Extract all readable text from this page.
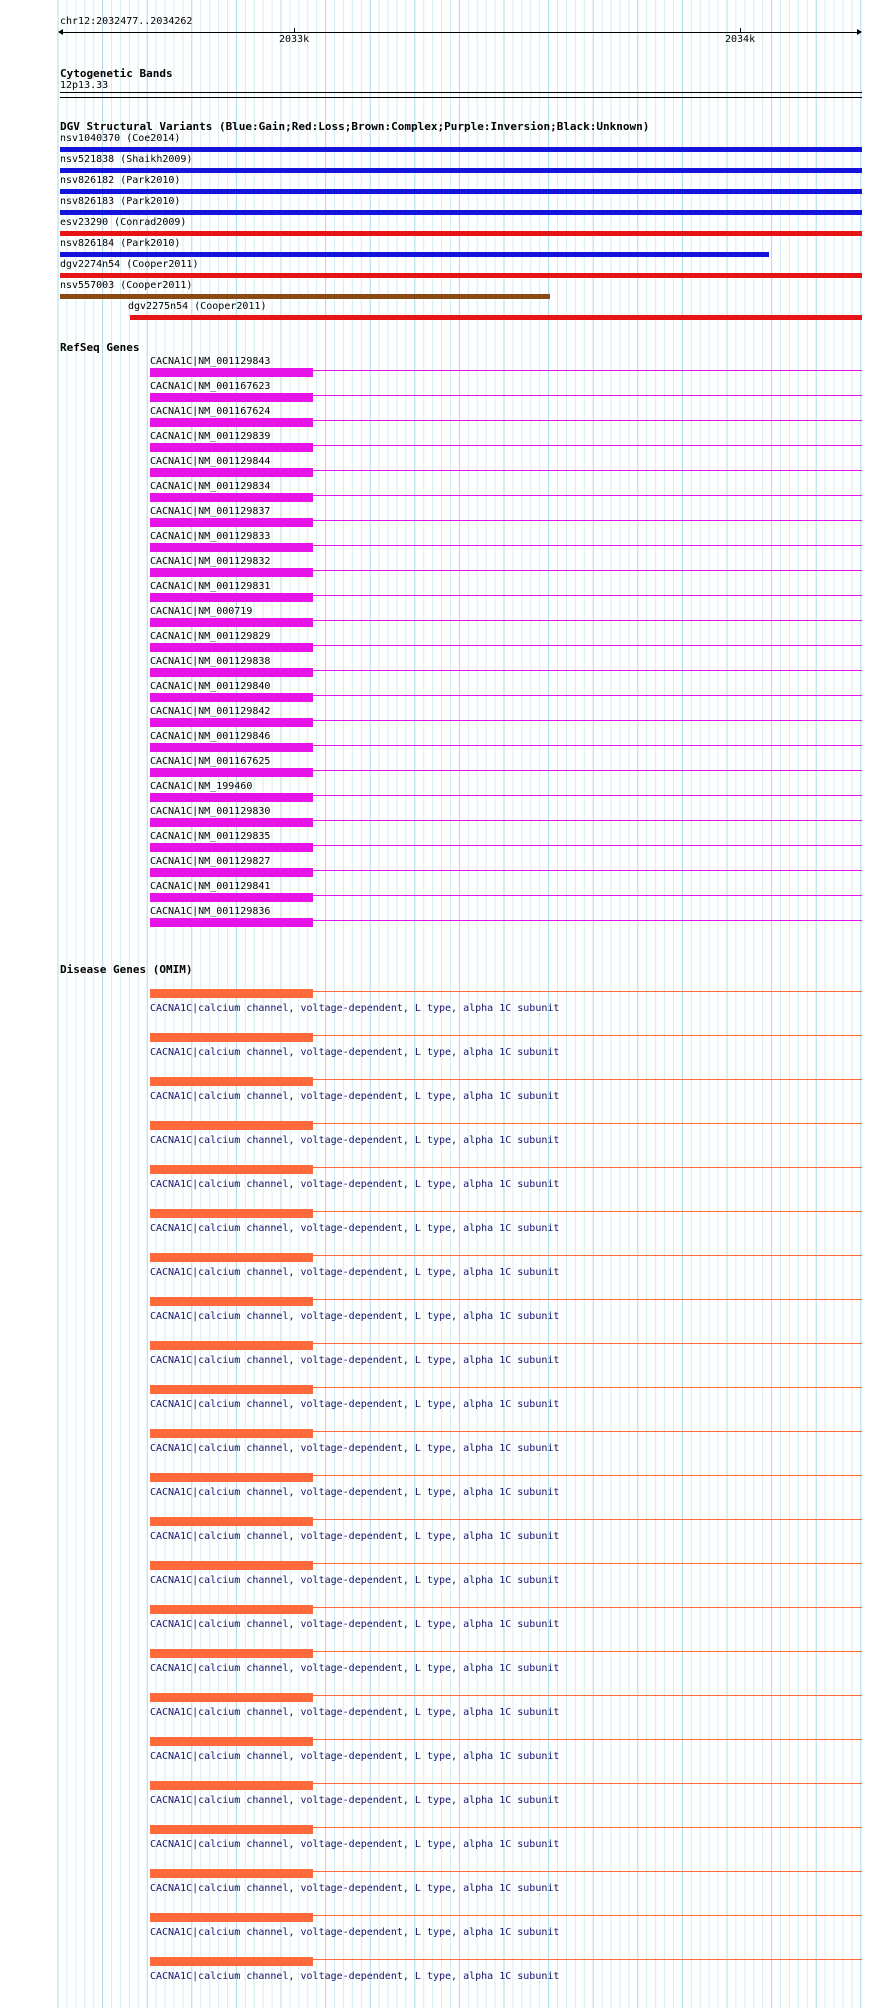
chr12:2032477..2034262
2033k	2034k
Cytogenetic Bands
12p13.33
DGV Structural Variants (Blue:Gain;Red:Loss;Brown:Complex;Purple:Inversion;Black:Unknown)
nsv1040370 (Coe2014)
nsv521838 (Shaikh2009)
nsv826182 (Park2010)
nsv826183 (Park2010)
esv23290 (Conrad2009)
nsv826184 (Park2010)
dgv2274n54 (Cooper2011)
nsv557003 (Cooper2011)
dgv2275n54 (Cooper2011)
RefSeq Genes
CACNA1C|NM_001129843
CACNA1C|NM_001167623
CACNA1C|NM_001167624
CACNA1C|NM_001129839
CACNA1C|NM_001129844
CACNA1C|NM_001129834
CACNA1C|NM_001129837
CACNA1C|NM_001129833
CACNA1C|NM_001129832
CACNA1C|NM_001129831
CACNA1C|NM_000719
CACNA1C|NM_001129829
CACNA1C|NM_001129838
CACNA1C|NM_001129840
CACNA1C|NM_001129842
CACNA1C|NM_001129846
CACNA1C|NM_001167625
CACNA1C|NM_199460
CACNA1C|NM_001129830
CACNA1C|NM_001129835
CACNA1C|NM_001129827
CACNA1C|NM_001129841
CACNA1C|NM_001129836
Disease Genes (OMIM)
CACNA1C|calcium channel, voltage-dependent, L type, alpha 1C subunit
CACNA1C|calcium channel, voltage-dependent, L type, alpha 1C subunit
CACNA1C|calcium channel, voltage-dependent, L type, alpha 1C subunit
CACNA1C|calcium channel, voltage-dependent, L type, alpha 1C subunit
CACNA1C|calcium channel, voltage-dependent, L type, alpha 1C subunit
CACNA1C|calcium channel, voltage-dependent, L type, alpha 1C subunit
CACNA1C|calcium channel, voltage-dependent, L type, alpha 1C subunit
CACNA1C|calcium channel, voltage-dependent, L type, alpha 1C subunit
CACNA1C|calcium channel, voltage-dependent, L type, alpha 1C subunit
CACNA1C|calcium channel, voltage-dependent, L type, alpha 1C subunit
CACNA1C|calcium channel, voltage-dependent, L type, alpha 1C subunit
CACNA1C|calcium channel, voltage-dependent, L type, alpha 1C subunit
CACNA1C|calcium channel, voltage-dependent, L type, alpha 1C subunit
CACNA1C|calcium channel, voltage-dependent, L type, alpha 1C subunit
CACNA1C|calcium channel, voltage-dependent, L type, alpha 1C subunit
CACNA1C|calcium channel, voltage-dependent, L type, alpha 1C subunit
CACNA1C|calcium channel, voltage-dependent, L type, alpha 1C subunit
CACNA1C|calcium channel, voltage-dependent, L type, alpha 1C subunit
CACNA1C|calcium channel, voltage-dependent, L type, alpha 1C subunit
CACNA1C|calcium channel, voltage-dependent, L type, alpha 1C subunit
CACNA1C|calcium channel, voltage-dependent, L type, alpha 1C subunit
CACNA1C|calcium channel, voltage-dependent, L type, alpha 1C subunit
CACNA1C|calcium channel, voltage-dependent, L type, alpha 1C subunit
